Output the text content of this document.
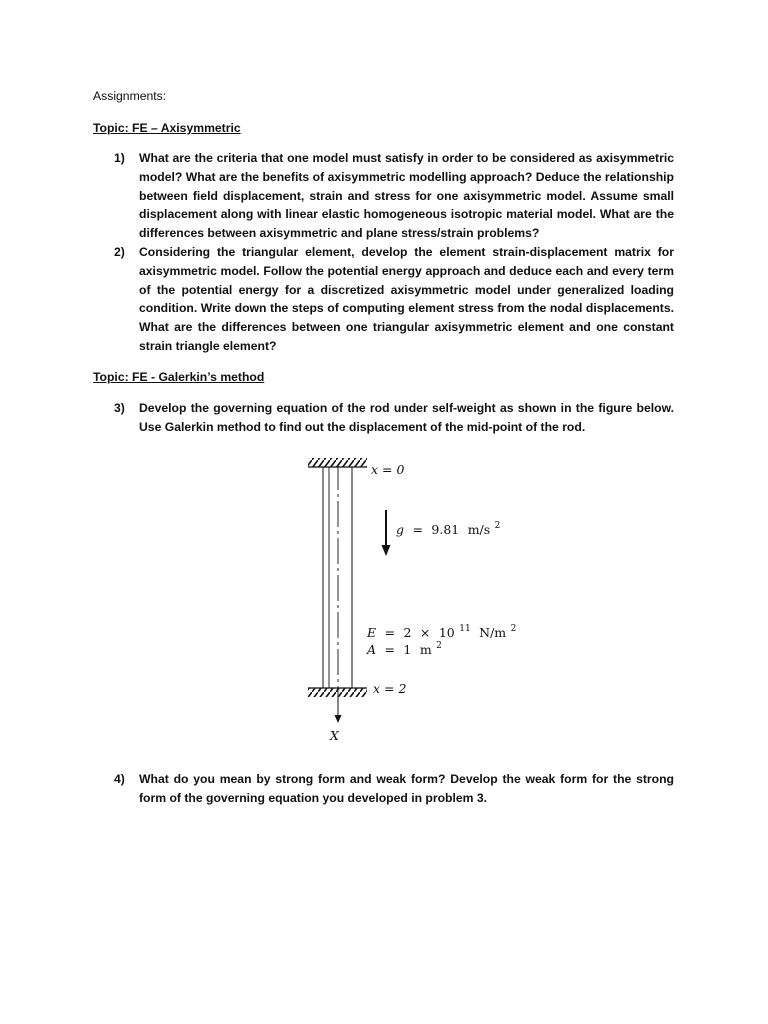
Assignments:

Topic: FE – Axisymmetric

1)	What are the criteria that one model must satisfy in order to be considered as axisymmetric model? What are the benefits of axisymmetric modelling approach? Deduce the relationship between field displacement, strain and stress for one axisymmetric model. Assume small displacement along with linear elastic homogeneous isotropic material model. What are the differences between axisymmetric and plane stress/strain problems?
2)	Considering the triangular element, develop the element strain-displacement matrix for axisymmetric model. Follow the potential energy approach and deduce each and every term of the potential energy for a discretized axisymmetric model under generalized loading condition. Write down the steps of computing element stress from the nodal displacements. What are the differences between one triangular axisymmetric element and one constant strain triangle element?

Topic: FE - Galerkin’s method

3)	Develop the governing equation of the rod under self-weight as shown in the figure below. Use Galerkin method to find out the displacement of the mid-point of the rod.
X
x = 0
g = 9.81 m/s $^2$
E = 2 × 10 $^{11}$ $_{N/m}$ $^2$
A = 1 m $^2$
x = 2
4)	What do you mean by strong form and weak form? Develop the weak form for the strong form of the governing equation you developed in problem 3.
